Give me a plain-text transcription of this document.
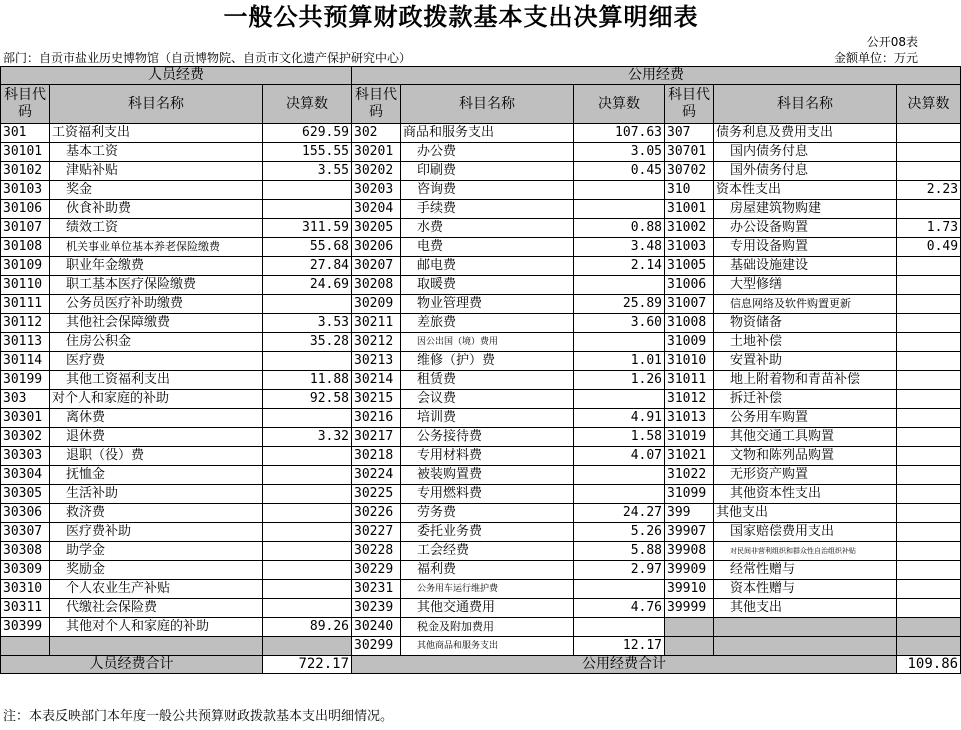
一般公共预算财政拨款基本支出决算明细表
公开08表
部门：自贡市盐业历史博物馆（自贡博物院、自贡市文化遗产保护研究中心）	金额单位：万元
人员经费			公用经费					
科目代码	科目名称	决算数	科目代码	科目名称	决算数	科目代码	科目名称	决算数
301	工资福利支出	629.59	302	商品和服务支出	107.63	307	债务利息及费用支出	
30101	基本工资	155.55	30201	办公费	3.05	30701	国内债务付息	
30102	津贴补贴	3.55	30202	印刷费	0.45	30702	国外债务付息	
30103	奖金		30203	咨询费		310	资本性支出	2.23
30106	伙食补助费		30204	手续费		31001	房屋建筑物购建	
30107	绩效工资	311.59	30205	水费	0.88	31002	办公设备购置	1.73
30108	机关事业单位基本养老保险缴费	55.68	30206	电费	3.48	31003	专用设备购置	0.49
30109	职业年金缴费	27.84	30207	邮电费	2.14	31005	基础设施建设	
30110	职工基本医疗保险缴费	24.69	30208	取暖费		31006	大型修缮	
30111	公务员医疗补助缴费		30209	物业管理费	25.89	31007	信息网络及软件购置更新	
30112	其他社会保障缴费	3.53	30211	差旅费	3.60	31008	物资储备	
30113	住房公积金	35.28	30212	因公出国（境）费用		31009	土地补偿	
30114	医疗费		30213	维修（护）费	1.01	31010	安置补助	
30199	其他工资福利支出	11.88	30214	租赁费	1.26	31011	地上附着物和青苗补偿	
303	对个人和家庭的补助	92.58	30215	会议费		31012	拆迁补偿	
30301	离休费		30216	培训费	4.91	31013	公务用车购置	
30302	退休费	3.32	30217	公务接待费	1.58	31019	其他交通工具购置	
30303	退职（役）费		30218	专用材料费	4.07	31021	文物和陈列品购置	
30304	抚恤金		30224	被装购置费		31022	无形资产购置	
30305	生活补助		30225	专用燃料费		31099	其他资本性支出	
30306	救济费		30226	劳务费	24.27	399	其他支出	
30307	医疗费补助		30227	委托业务费	5.26	39907	国家赔偿费用支出	
30308	助学金		30228	工会经费	5.88	39908	对民间非营利组织和群众性自治组织补贴	
30309	奖励金		30229	福利费	2.97	39909	经常性赠与	
30310	个人农业生产补贴		30231	公务用车运行维护费		39910	资本性赠与	
30311	代缴社会保险费		30239	其他交通费用	4.76	39999	其他支出	
30399	其他对个人和家庭的补助	89.26	30240	税金及附加费用				
			30299	其他商品和服务支出	12.17			
人员经费合计		722.17	公用经费合计					109.86
注：本表反映部门本年度一般公共预算财政拨款基本支出明细情况。
